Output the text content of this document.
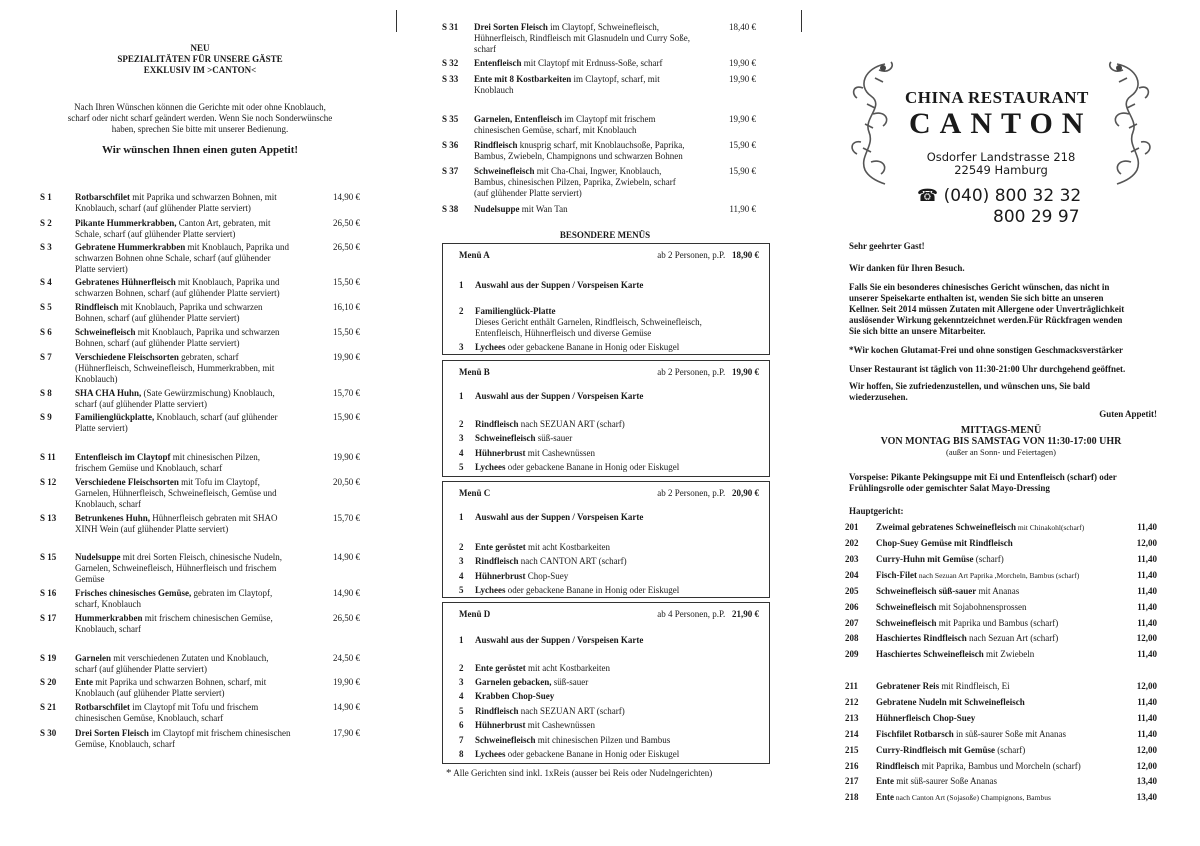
NEU
SPEZIALITÄTEN FÜR UNSERE GÄSTE
EXKLUSIV IM >CANTON<
Nach Ihren Wünschen können die Gerichte mit oder ohne Knoblauch,
scharf oder nicht scharf geändert werden. Wenn Sie noch Sonderwünsche
haben, sprechen Sie bitte mit unserer Bedienung.
Wir wünschen Ihnen einen guten Appetit!
S 1	Rotbarschfilet mit Paprika und schwarzen Bohnen, mit
Knoblauch, scharf (auf glühender Platte serviert)
14,90 €
S 2	Pikante Hummerkrabben, Canton Art, gebraten, mit
Schale, scharf (auf glühender Platte serviert)
26,50 €
S 3	Gebratene Hummerkrabben mit Knoblauch, Paprika und
schwarzen Bohnen ohne Schale, scharf (auf glühender
Platte serviert)
26,50 €
S 4	Gebratenes Hühnerfleisch mit Knoblauch, Paprika und
schwarzen Bohnen, scharf (auf glühender Platte serviert)
15,50 €
S 5	Rindfleisch mit Knoblauch, Paprika und schwarzen
Bohnen, scharf (auf glühender Platte serviert)
16,10 €
S 6	Schweinefleisch mit Knoblauch, Paprika und schwarzen
Bohnen, scharf (auf glühender Platte serviert)
15,50 €
S 7	Verschiedene Fleischsorten gebraten, scharf
(Hühnerfleisch, Schweinefleisch, Hummerkrabben, mit
Knoblauch)
19,90 €
S 8	SHA CHA Huhn, (Sate Gewürzmischung) Knoblauch,
scharf (auf glühender Platte serviert)
15,70 €
S 9	Familienglückplatte, Knoblauch, scharf (auf glühender
Platte serviert)
15,90 €
S 11	Entenfleisch im Claytopf mit chinesischen Pilzen,
frischem Gemüse und Knoblauch, scharf
19,90 €
S 12	Verschiedene Fleischsorten mit Tofu im Claytopf,
Garnelen, Hühnerfleisch, Schweinefleisch, Gemüse und
Knoblauch, scharf
20,50 €
S 13	Betrunkenes Huhn, Hühnerfleisch gebraten mit SHAO
XINH Wein (auf glühender Platte serviert)
15,70 €
S 15	Nudelsuppe mit drei Sorten Fleisch, chinesische Nudeln,
Garnelen, Schweinefleisch, Hühnerfleisch und frischem
Gemüse
14,90 €
S 16	Frisches chinesisches Gemüse, gebraten im Claytopf,
scharf, Knoblauch
14,90 €
S 17	Hummerkrabben mit frischem chinesischen Gemüse,
Knoblauch, scharf
26,50 €
S 19	Garnelen mit verschiedenen Zutaten und Knoblauch,
scharf (auf glühender Platte serviert)
24,50 €
S 20	Ente mit Paprika und schwarzen Bohnen, scharf, mit
Knoblauch (auf glühender Platte serviert)
19,90 €
S 21	Rotbarschfilet im Claytopf mit Tofu und frischem
chinesischen Gemüse, Knoblauch, scharf
14,90 €
S 30	Drei Sorten Fleisch im Claytopf mit frischem chinesischen
Gemüse, Knoblauch, scharf
17,90 €
S 31	Drei Sorten Fleisch im Claytopf, Schweinefleisch,
Hühnerfleisch, Rindfleisch mit Glasnudeln und Curry Soße,
scharf
18,40 €
S 32	Entenfleisch mit Claytopf mit Erdnuss-Soße, scharf	19,90 €
S 33	Ente mit 8 Kostbarkeiten im Claytopf, scharf, mit
Knoblauch
19,90 €
S 35	Garnelen, Entenfleisch im Claytopf mit frischem
chinesischen Gemüse, scharf, mit Knoblauch
19,90 €
S 36	Rindfleisch knusprig scharf, mit Knoblauchsoße, Paprika,
Bambus, Zwiebeln, Champignons und schwarzen Bohnen
15,90 €
S 37	Schweinefleisch mit Cha-Chai, Ingwer, Knoblauch,
Bambus, chinesischen Pilzen, Paprika, Zwiebeln, scharf
(auf glühender Platte serviert)
15,90 €
S 38	Nudelsuppe mit Wan Tan	11,90 €
BESONDERE MENÜS
Menü A	ab 2 Personen, p.P. 18,90 €
1	Auswahl aus der Suppen / Vorspeisen Karte
2	Familienglück-Platte
Dieses Gericht enthält Garnelen, Rindfleisch, Schweinefleisch,
Entenfleisch, Hühnerfleisch und diverse Gemüse
3	Lychees oder gebackene Banane in Honig oder Eiskugel
Menü B	ab 2 Personen, p.P. 19,90 €
1	Auswahl aus der Suppen / Vorspeisen Karte
2	Rindfleisch nach SEZUAN ART (scharf)
3	Schweinefleisch süß-sauer
4	Hühnerbrust mit Cashewnüssen
5	Lychees oder gebackene Banane in Honig oder Eiskugel
Menü C	ab 2 Personen, p.P. 20,90 €
1	Auswahl aus der Suppen / Vorspeisen Karte
2	Ente geröstet mit acht Kostbarkeiten
3	Rindfleisch nach CANTON ART (scharf)
4	Hühnerbrust Chop-Suey
5	Lychees oder gebackene Banane in Honig oder Eiskugel
Menü D	ab 4 Personen, p.P. 21,90 €
1	Auswahl aus der Suppen / Vorspeisen Karte
2	Ente geröstet mit acht Kostbarkeiten
3	Garnelen gebacken, süß-sauer
4	Krabben Chop-Suey
5	Rindfleisch nach SEZUAN ART (scharf)
6	Hühnerbrust mit Cashewnüssen
7	Schweinefleisch mit chinesischen Pilzen und Bambus
8	Lychees oder gebackene Banane in Honig oder Eiskugel
* Alle Gerichten sind inkl. 1xReis (ausser bei Reis oder Nudelngerichten)
CHINA RESTAURANT
CANTON
Osdorfer Landstrasse 218
22549 Hamburg
☎ (040) 800 32 32
800 29 97
Sehr geehrter Gast!
Wir danken für Ihren Besuch.
Falls Sie ein besonderes chinesisches Gericht wünschen, das nicht in
unserer Speisekarte enthalten ist, wenden Sie sich bitte an unseren
Kellner. Seit 2014 müssen Zutaten mit Allergene oder Unverträglichkeit
auslösender Wirkung gekenntzeichnet werden.Für Rückfragen wenden
Sie sich bitte an unsere Mitarbeiter.
*Wir kochen Glutamat-Frei und ohne sonstigen Geschmacksverstärker
Unser Restaurant ist täglich von 11:30-21:00 Uhr durchgehend geöffnet.
Wir hoffen, Sie zufriedenzustellen, und wünschen uns, Sie bald
wiederzusehen.
Guten Appetit!
MITTAGS-MENÜ
VON MONTAG BIS SAMSTAG VON 11:30-17:00 UHR
(außer an Sonn- und Feiertagen)
Vorspeise: Pikante Pekingsuppe mit Ei und Entenfleisch (scharf) oder
Frühlingsrolle oder gemischter Salat Mayo-Dressing
Hauptgericht:
201	Zweimal gebratenes Schweinefleisch mit Chinakohl(scharf)	11,40
202	Chop-Suey Gemüse mit Rindfleisch	12,00
203	Curry-Huhn mit Gemüse (scharf)	11,40
204	Fisch-Filet nach Sezuan Art Paprika ,Morcheln, Bambus (scharf)	11,40
205	Schweinefleisch süß-sauer mit Ananas	11,40
206	Schweinefleisch mit Sojabohnensprossen	11,40
207	Schweinefleisch mit Paprika und Bambus (scharf)	11,40
208	Haschiertes Rindfleisch nach Sezuan Art (scharf)	12,00
209	Haschiertes Schweinefleisch mit Zwiebeln	11,40
211	Gebratener Reis mit Rindfleisch, Ei	12,00
212	Gebratene Nudeln mit Schweinefleisch	11,40
213	Hühnerfleisch Chop-Suey	11,40
214	Fischfilet Rotbarsch in süß-saurer Soße mit Ananas	11,40
215	Curry-Rindfleisch mit Gemüse (scharf)	12,00
216	Rindfleisch mit Paprika, Bambus und Morcheln (scharf)	12,00
217	Ente mit süß-saurer Soße Ananas	13,40
218	Ente nach Canton Art (Sojasoße) Champignons, Bambus	13,40
